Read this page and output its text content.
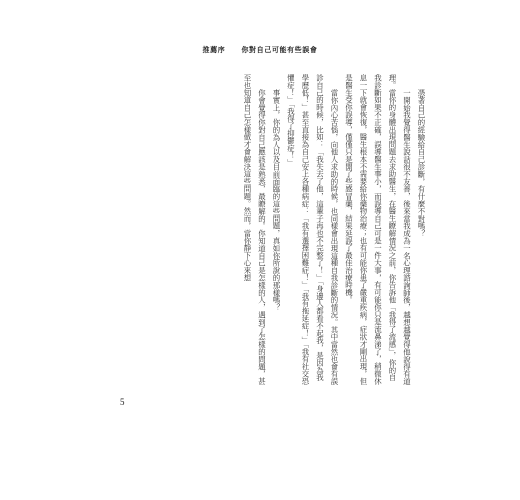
推薦序 你對自己可能有些誤會

憑著自己的經驗給自己診斷，有什麼不對嗎？

一開始我覺得醫生說話很不友善，後來當我成為一名心理諮詢師後，越想越覺得他說得有道理。當你的身體出現問題去求助醫生，在醫生瞭解情況之前，你告訴他「我得了流感」，你的自我診斷如果不正確，誤導醫生事小，而誤導自己可是一件大事，有可能你只是流鼻涕了，稍微休息一下就會恢復，醫生根本不需要給你藥物治療；也有可能你患了嚴重疾病，症狀才剛出現，但是醫生受你誤導，僅僅只是開了些感冒藥，結果延誤了最佳治療時機。

當你內心苦惱，向他人求助的時候，也同樣會出現這種自我診斷的情況。其中當然也會有誤診自己的時候，比如：「我失去了他，這輩子再也不完整了！」「身邊人都看不起我，是因為我學歷低！」甚至直接為自己安上各種病症：「我有選擇困難症！」「我有拖延症！」「我有社交恐懼症！」「我得了抑鬱症！」

事實上，你的為人以及目前面臨的這些問題，真如你所說的那樣嗎？

你會覺得你對自己應該是熟悉，最瞭解的。你知道自己是怎樣的人，遇到了怎樣的問題，甚至也知道自己怎樣做才會解決這些問題。然而，當你靜下心來想

5
